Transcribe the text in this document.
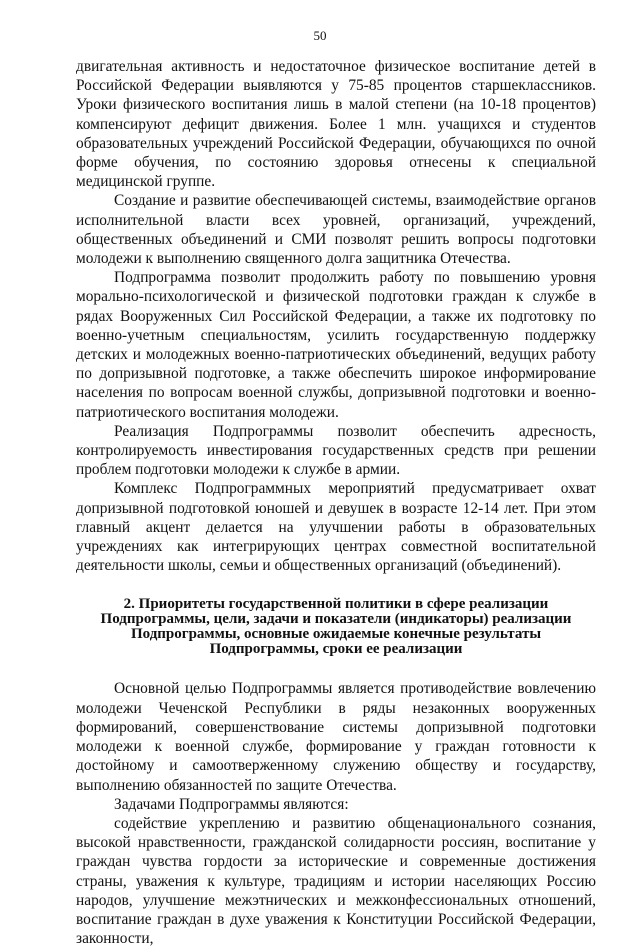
50

двигательная активность и недостаточное физическое воспитание детей в Российской Федерации выявляются у 75-85 процентов старшеклассников. Уроки физического воспитания лишь в малой степени (на 10-18 процентов) компенсируют дефицит движения. Более 1 млн. учащихся и студентов образовательных учреждений Российской Федерации, обучающихся по очной форме обучения, по состоянию здоровья отнесены к специальной медицинской группе.

Создание и развитие обеспечивающей системы, взаимодействие органов исполнительной власти всех уровней, организаций, учреждений, общественных объединений и СМИ позволят решить вопросы подготовки молодежи к выполнению священного долга защитника Отечества.

Подпрограмма позволит продолжить работу по повышению уровня морально-психологической и физической подготовки граждан к службе в рядах Вооруженных Сил Российской Федерации, а также их подготовку по военно-учетным специальностям, усилить государственную поддержку детских и молодежных военно-патриотических объединений, ведущих работу по допризывной подготовке, а также обеспечить широкое информирование населения по вопросам военной службы, допризывной подготовки и военно-патриотического воспитания молодежи.

Реализация Подпрограммы позволит обеспечить адресность, контролируемость инвестирования государственных средств при решении проблем подготовки молодежи к службе в армии.

Комплекс Подпрограммных мероприятий предусматривает охват допризывной подготовкой юношей и девушек в возрасте 12-14 лет. При этом главный акцент делается на улучшении работы в образовательных учреждениях как интегрирующих центрах совместной воспитательной деятельности школы, семьи и общественных организаций (объединений).

2. Приоритеты государственной политики в сфере реализации Подпрограммы, цели, задачи и показатели (индикаторы) реализации Подпрограммы, основные ожидаемые конечные результаты Подпрограммы, сроки ее реализации

Основной целью Подпрограммы является противодействие вовлечению молодежи Чеченской Республики в ряды незаконных вооруженных формирований, совершенствование системы допризывной подготовки молодежи к военной службе, формирование у граждан готовности к достойному и самоотверженному служению обществу и государству, выполнению обязанностей по защите Отечества.

Задачами Подпрограммы являются:

содействие укреплению и развитию общенационального сознания, высокой нравственности, гражданской солидарности россиян, воспитание у граждан чувства гордости за исторические и современные достижения страны, уважения к культуре, традициям и истории населяющих Россию народов, улучшение межэтнических и межконфессиональных отношений, воспитание граждан в духе уважения к Конституции Российской Федерации, законности,
